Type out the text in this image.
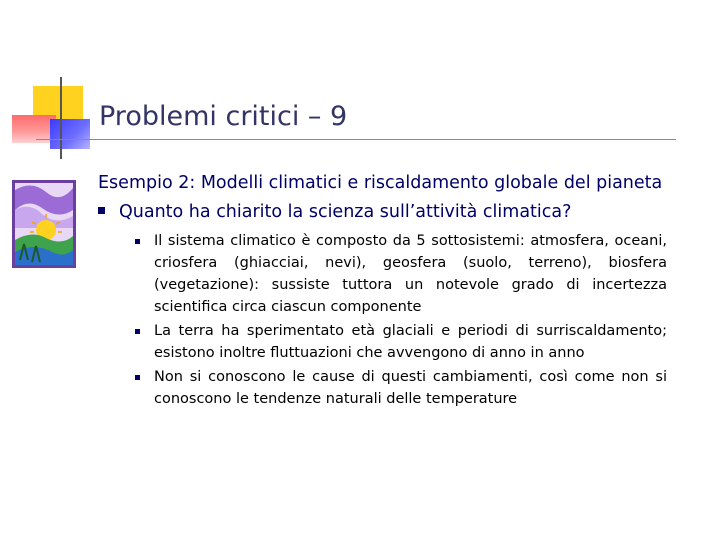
Problemi critici – 9

Esempio 2: Modelli climatici e riscaldamento globale del pianeta

Quanto ha chiarito la scienza sull’attività climatica?

Il sistema climatico è composto da 5 sottosistemi: atmosfera, oceani, criosfera (ghiacciai, nevi), geosfera (suolo, terreno), biosfera (vegetazione): sussiste tuttora un notevole grado di incertezza scientifica circa ciascun componente
La terra ha sperimentato età glaciali e periodi di surriscaldamento; esistono inoltre fluttuazioni che avvengono di anno in anno
Non si conoscono le cause di questi cambiamenti, così come non si conoscono le tendenze naturali delle temperature
